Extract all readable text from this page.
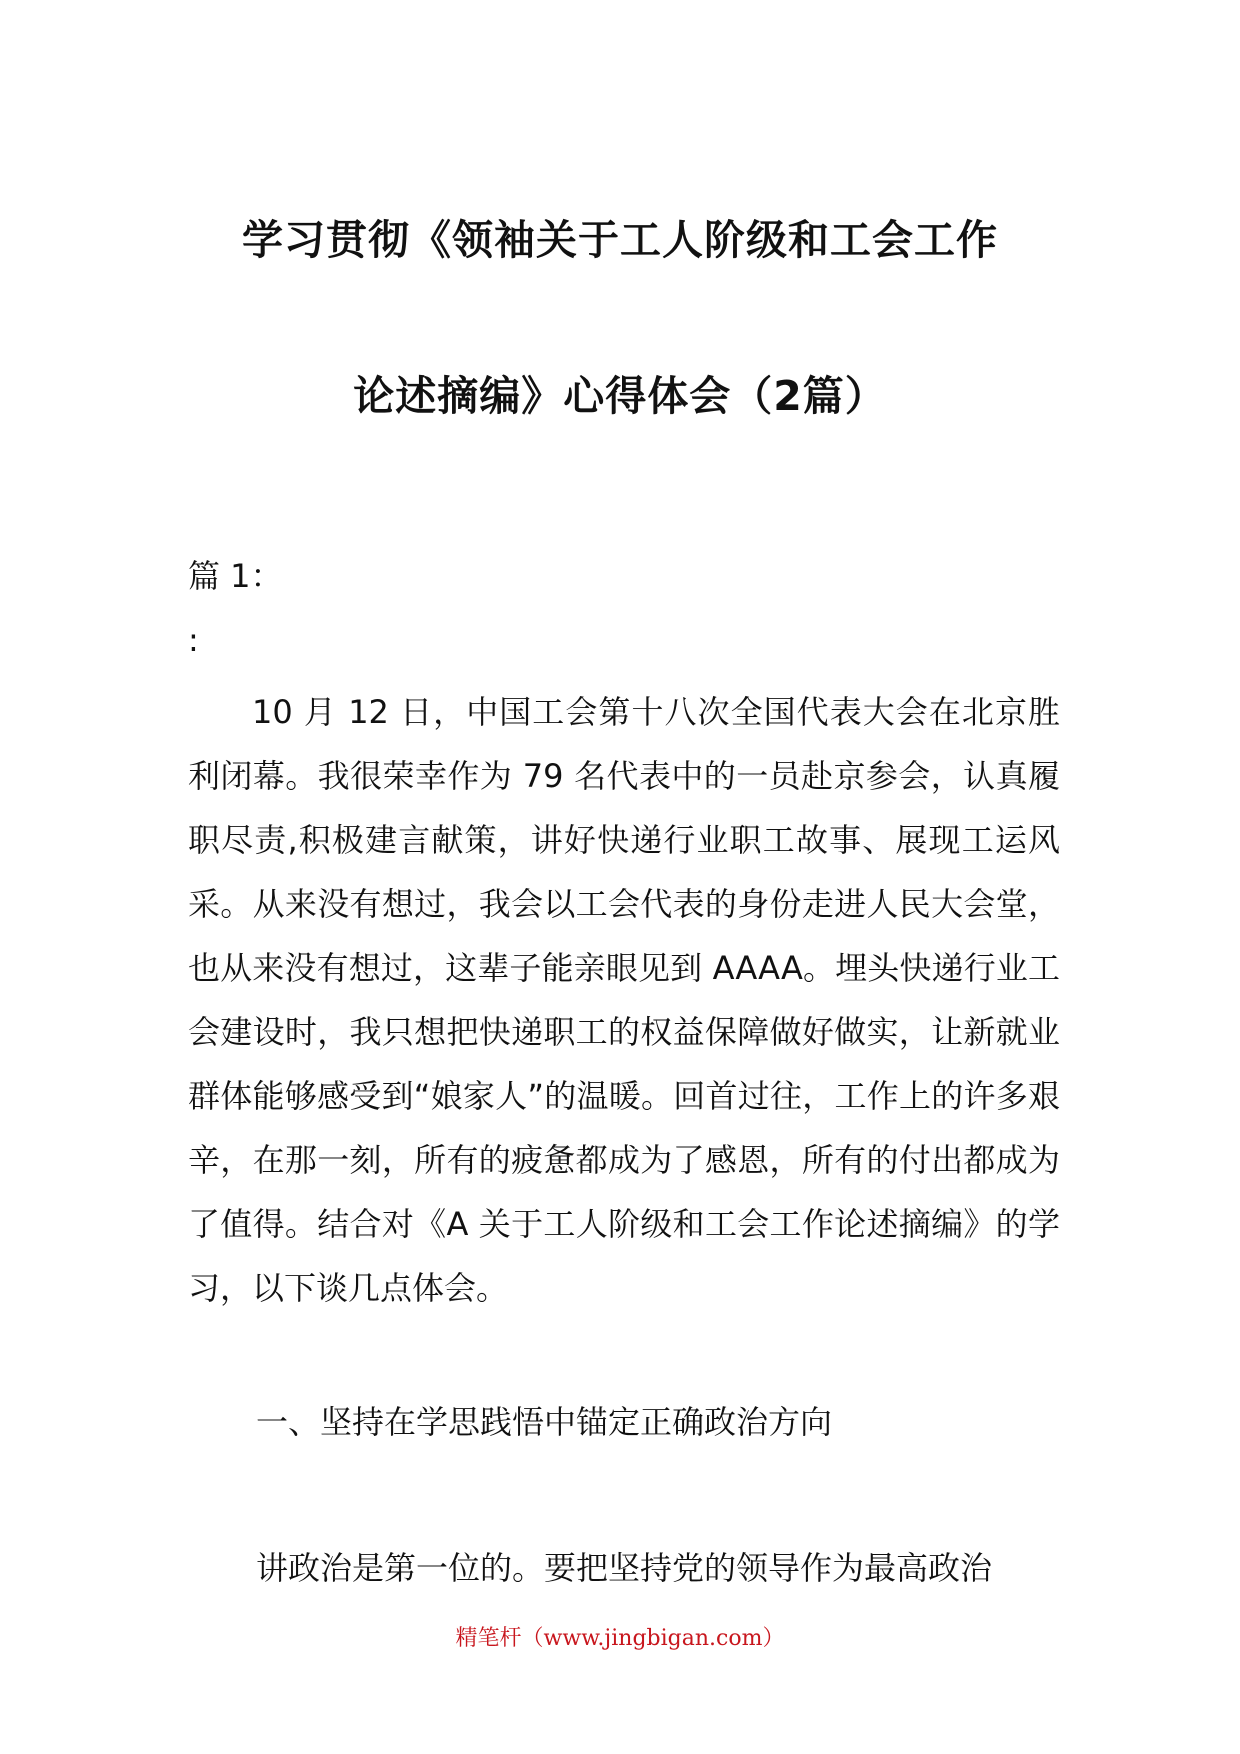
学习贯彻《领袖关于工人阶级和工会工作
论述摘编》心得体会（2篇）
篇 1：
:

10 月 12 日，中国工会第十八次全国代表大会在北京胜利闭幕。我很荣幸作为 79 名代表中的一员赴京参会，认真履职尽责,积极建言献策，讲好快递行业职工故事、展现工运风采。从来没有想过，我会以工会代表的身份走进人民大会堂，也从来没有想过，这辈子能亲眼见到 AAAA。埋头快递行业工会建设时，我只想把快递职工的权益保障做好做实，让新就业群体能够感受到“娘家人”的温暖。回首过往，工作上的许多艰辛，在那一刻，所有的疲惫都成为了感恩，所有的付出都成为了值得。结合对《A 关于工人阶级和工会工作论述摘编》的学习，以下谈几点体会。

一、坚持在学思践悟中锚定正确政治方向
讲政治是第一位的。要把坚持党的领导作为最高政治
精笔杆（www.jingbigan.com）
